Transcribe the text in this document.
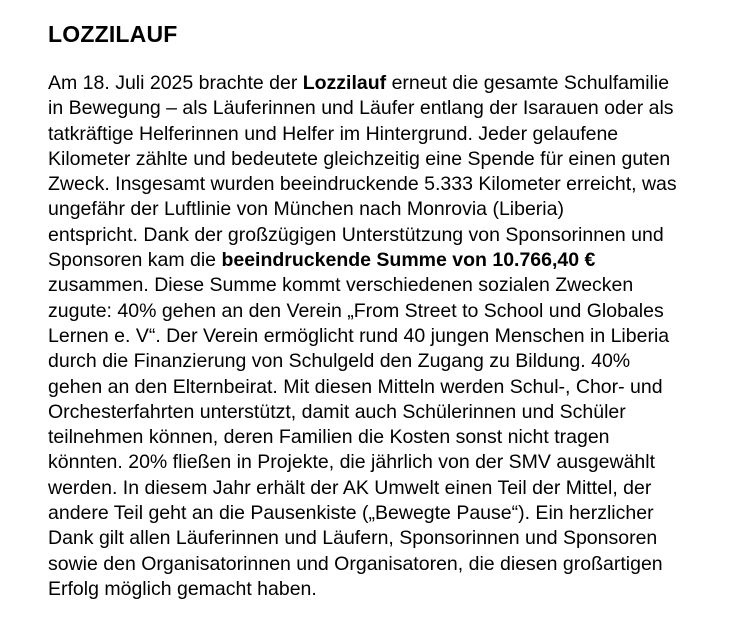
LOZZILAUF
Am 18. Juli 2025 brachte der Lozzilauf erneut die gesamte Schulfamilie
in Bewegung – als Läuferinnen und Läufer entlang der Isarauen oder als
tatkräftige Helferinnen und Helfer im Hintergrund. Jeder gelaufene
Kilometer zählte und bedeutete gleichzeitig eine Spende für einen guten
Zweck. Insgesamt wurden beeindruckende 5.333 Kilometer erreicht, was
ungefähr der Luftlinie von München nach Monrovia (Liberia)
entspricht. Dank der großzügigen Unterstützung von Sponsorinnen und
Sponsoren kam die beeindruckende Summe von 10.766,40 €
zusammen. Diese Summe kommt verschiedenen sozialen Zwecken
zugute: 40% gehen an den Verein „From Street to School und Globales
Lernen e. V“. Der Verein ermöglicht rund 40 jungen Menschen in Liberia
durch die Finanzierung von Schulgeld den Zugang zu Bildung. 40%
gehen an den Elternbeirat. Mit diesen Mitteln werden Schul-, Chor- und
Orchesterfahrten unterstützt, damit auch Schülerinnen und Schüler
teilnehmen können, deren Familien die Kosten sonst nicht tragen
könnten. 20% fließen in Projekte, die jährlich von der SMV ausgewählt
werden. In diesem Jahr erhält der AK Umwelt einen Teil der Mittel, der
andere Teil geht an die Pausenkiste („Bewegte Pause“). Ein herzlicher
Dank gilt allen Läuferinnen und Läufern, Sponsorinnen und Sponsoren
sowie den Organisatorinnen und Organisatoren, die diesen großartigen
Erfolg möglich gemacht haben.
